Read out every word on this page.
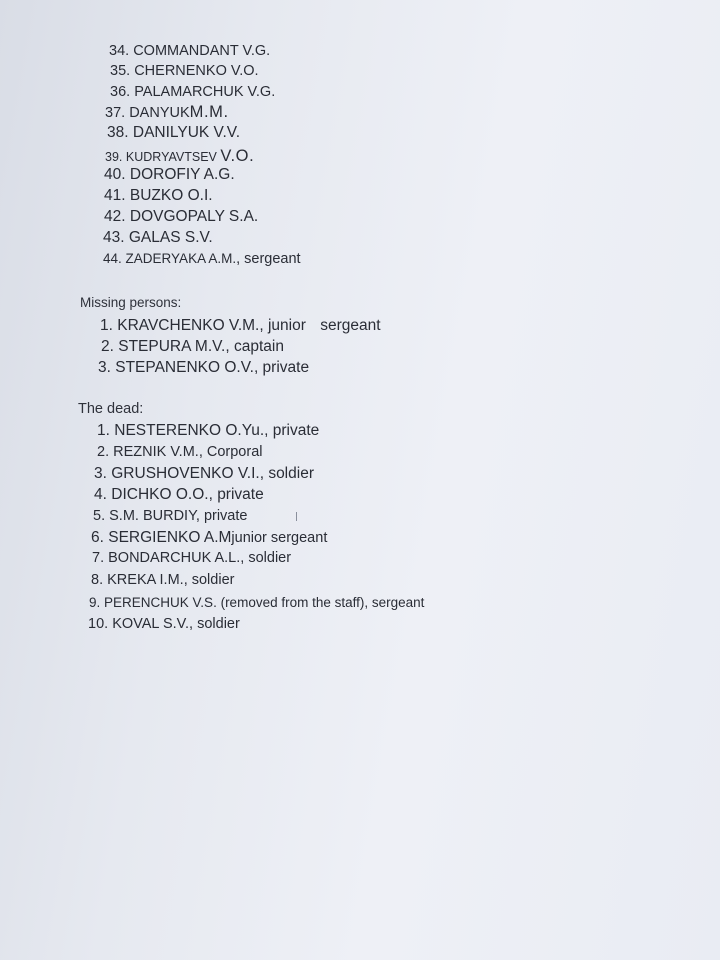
34. COMMANDANT V.G.
35. CHERNENKO V.O.
36. PALAMARCHUK V.G.
37. DANYUKM.M.
38. DANILYUK V.V.
39. KUDRYAVTSEV V.O.
40. DOROFIY A.G.
41. BUZKO O.I.
42. DOVGOPALY S.A.
43. GALAS S.V.
44. ZADERYAKA A.M., sergeant
Missing persons:
1. KRAVCHENKO V.M., junior sergeant
2. STEPURA M.V., captain
3. STEPANENKO O.V., private
The dead:
1. NESTERENKO O.Yu., private
2. REZNIK V.M., Corporal
3. GRUSHOVENKO V.I., soldier
4. DICHKO O.O., private
5. S.M. BURDIY, private
6. SERGIENKO A.Mjunior sergeant
7. BONDARCHUK A.L., soldier
8. KREKA I.M., soldier
9. PERENCHUK V.S. (removed from the staff), sergeant
10. KOVAL S.V., soldier
